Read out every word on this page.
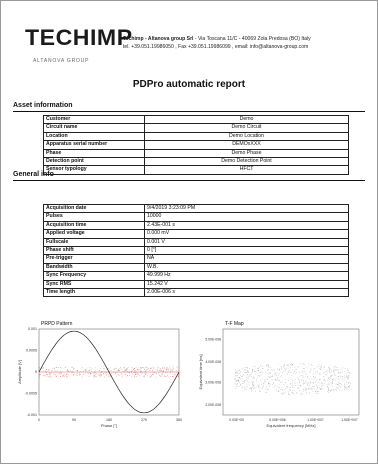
TECHIMP
ALTANOVA GROUP
Techimp - Altanova group Srl - Via Toscana 11/C - 40069 Zola Predosa (BO) Italy
tel. +39.051.19986050 , Fax +39.051.19986099 , email: info@altanova-group.com
PDPro automatic report
Asset information
Customer	Demo
Circuit name	Demo Circuit
Location	Demo Location
Apparatus serial number	DEMOxXXX
Phase	Demo Phase
Detection point	Demo Detection Point
Sensor typology	HFCT
General info
Acquisition date	9/4/2019 3:23:09 PM
Pulses	10000
Acquisition time	2.43E-001 s
Applied voltage	0.000 mV
Fullscale	0.001 V
Phase shift	0 [°]
Pre-trigger	NA
Bandwidth	W.B.
Sync Frequency	49.999 Hz
Sync RMS	15.242 V
Time length	2.00E-006 s
PRPD Pattern
0	90	180	270	360
0.001
0.0005
0
-0.0005
-0.001
Phase [°]
Amplitude [V]
T-F Map
0.00E+00	5.00E+006	1.00E+007	1.50E+007
5.00E-008
4.00E-008
3.00E-008
2.00E-008
Equivalent frequency [MHz]
Equivalent time [ns]
